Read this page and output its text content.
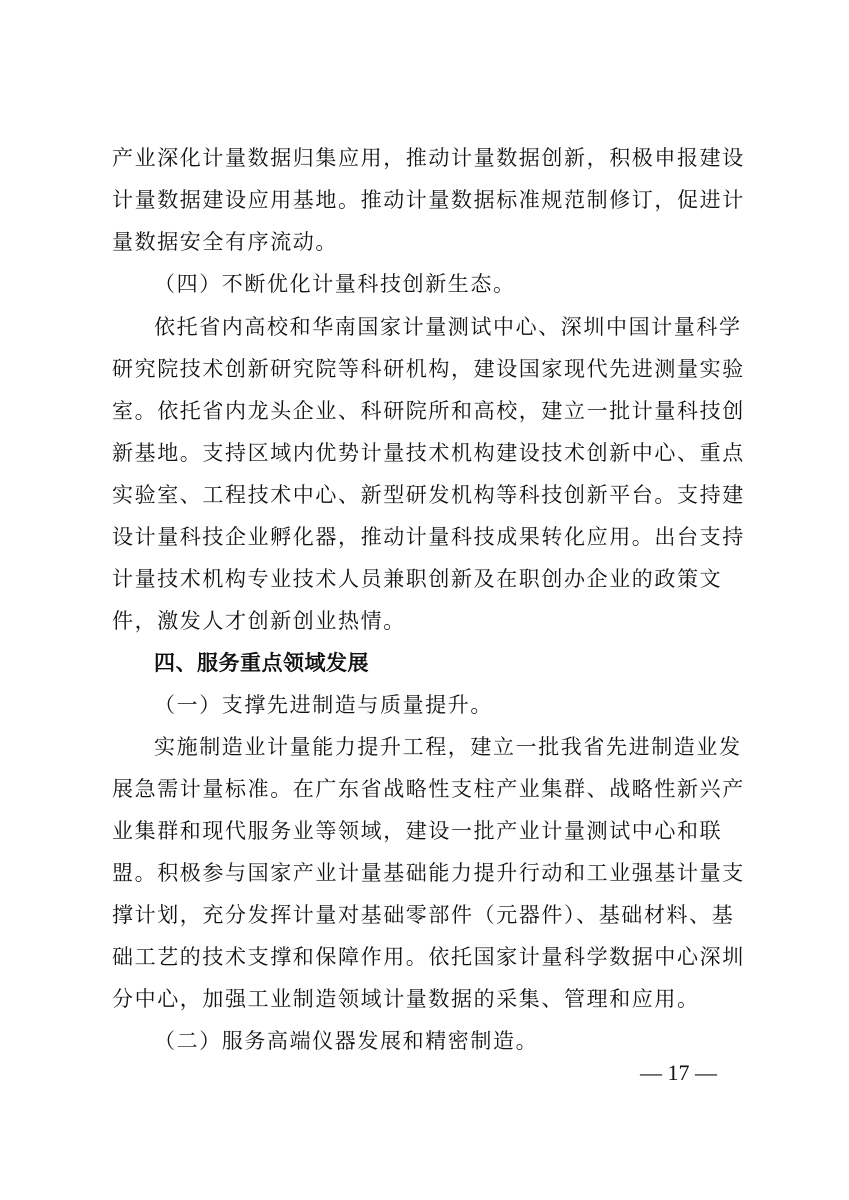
产业深化计量数据归集应用，推动计量数据创新，积极申报建设
计量数据建设应用基地。推动计量数据标准规范制修订，促进计
量数据安全有序流动。
（四）不断优化计量科技创新生态。
依托省内高校和华南国家计量测试中心、深圳中国计量科学
研究院技术创新研究院等科研机构，建设国家现代先进测量实验
室。依托省内龙头企业、科研院所和高校，建立一批计量科技创
新基地。支持区域内优势计量技术机构建设技术创新中心、重点
实验室、工程技术中心、新型研发机构等科技创新平台。支持建
设计量科技企业孵化器，推动计量科技成果转化应用。出台支持
计量技术机构专业技术人员兼职创新及在职创办企业的政策文
件，激发人才创新创业热情。
四、服务重点领域发展
（一）支撑先进制造与质量提升。
实施制造业计量能力提升工程，建立一批我省先进制造业发
展急需计量标准。在广东省战略性支柱产业集群、战略性新兴产
业集群和现代服务业等领域，建设一批产业计量测试中心和联
盟。积极参与国家产业计量基础能力提升行动和工业强基计量支
撑计划，充分发挥计量对基础零部件（元器件）、基础材料、基
础工艺的技术支撑和保障作用。依托国家计量科学数据中心深圳
分中心，加强工业制造领域计量数据的采集、管理和应用。
（二）服务高端仪器发展和精密制造。
— 17 —
